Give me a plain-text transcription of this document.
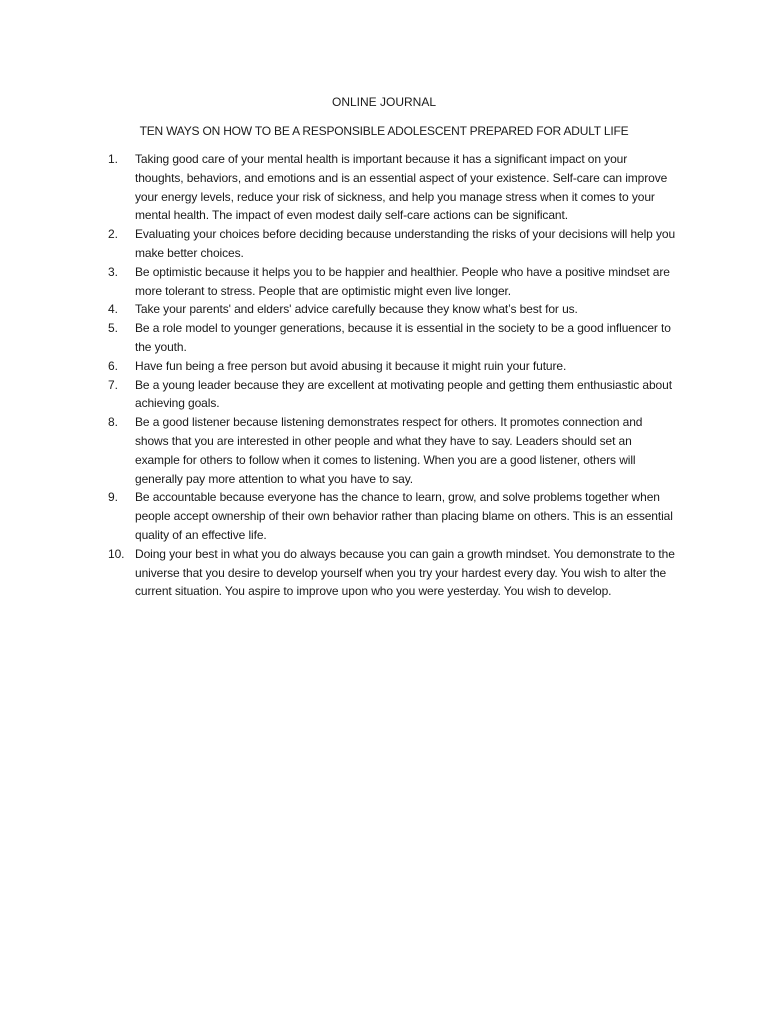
ONLINE JOURNAL
TEN WAYS ON HOW TO BE A RESPONSIBLE ADOLESCENT PREPARED FOR ADULT LIFE
1.	Taking good care of your mental health is important because it has a significant impact on your thoughts, behaviors, and emotions and is an essential aspect of your existence. Self-care can improve your energy levels, reduce your risk of sickness, and help you manage stress when it comes to your mental health. The impact of even modest daily self-care actions can be significant.
2.	Evaluating your choices before deciding because understanding the risks of your decisions will help you make better choices.
3.	Be optimistic because it helps you to be happier and healthier. People who have a positive mindset are more tolerant to stress. People that are optimistic might even live longer.
4.	Take your parents' and elders' advice carefully because they know what’s best for us.
5.	Be a role model to younger generations, because it is essential in the society to be a good influencer to the youth.
6.	Have fun being a free person but avoid abusing it because it might ruin your future.
7.	Be a young leader because they are excellent at motivating people and getting them enthusiastic about achieving goals.
8.	Be a good listener because listening demonstrates respect for others. It promotes connection and shows that you are interested in other people and what they have to say. Leaders should set an example for others to follow when it comes to listening. When you are a good listener, others will generally pay more attention to what you have to say.
9.	Be accountable because everyone has the chance to learn, grow, and solve problems together when people accept ownership of their own behavior rather than placing blame on others. This is an essential quality of an effective life.
10. Doing your best in what you do always because you can gain a growth mindset. You demonstrate to the universe that you desire to develop yourself when you try your hardest every day. You wish to alter the current situation. You aspire to improve upon who you were yesterday. You wish to develop.
